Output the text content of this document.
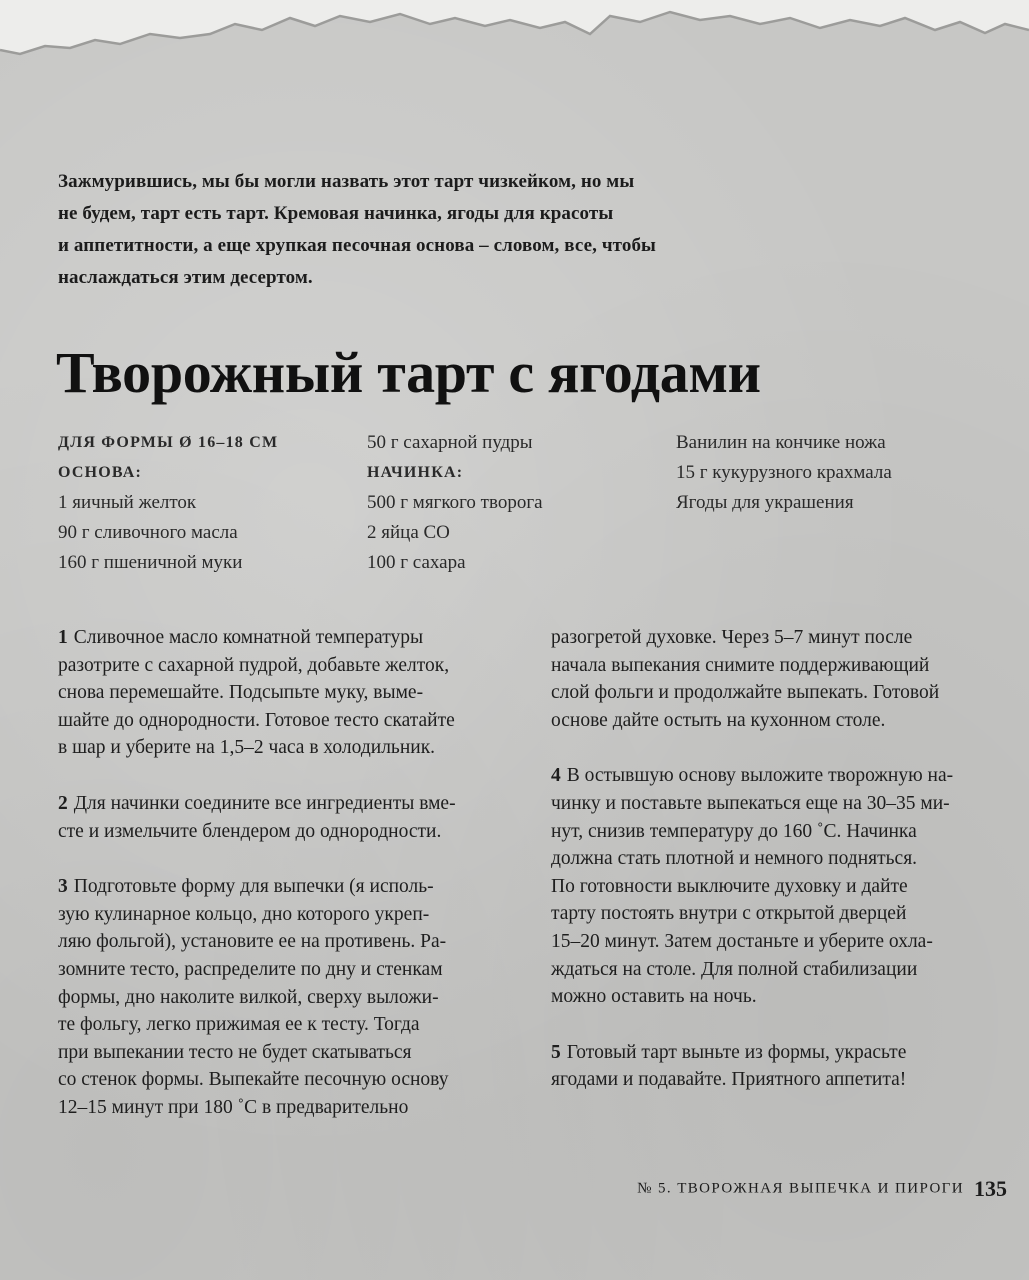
Зажмурившись, мы бы могли назвать этот тарт чизкейком, но мы

не будем, тарт есть тарт. Кремовая начинка, ягоды для красоты

и аппетитности, а еще хрупкая песочная основа – словом, все, чтобы

наслаждаться этим десертом.

Творожный тарт с ягодами
ДЛЯ ФОРМЫ Ø 16–18 СМ
ОСНОВА:
1 яичный желток
90 г сливочного масла
160 г пшеничной муки
50 г сахарной пудры
НАЧИНКА:
500 г мягкого творога
2 яйца СО
100 г сахара
Ванилин на кончике ножа
15 г кукурузного крахмала
Ягоды для украшения

1 Сливочное масло комнатной температуры
разотрите с сахарной пудрой, добавьте желток,
снова перемешайте. Подсыпьте муку, выме-
шайте до однородности. Готовое тесто скатайте
в шар и уберите на 1,5–2 часа в холодильник.

2 Для начинки соедините все ингредиенты вме-
сте и измельчите блендером до однородности.

3 Подготовьте форму для выпечки (я исполь-
зую кулинарное кольцо, дно которого укреп-
ляю фольгой), установите ее на противень. Ра-
зомните тесто, распределите по дну и стенкам
формы, дно наколите вилкой, сверху выложи-
те фольгу, легко прижимая ее к тесту. Тогда
при выпекании тесто не будет скатываться
со стенок формы. Выпекайте песочную основу
12–15 минут при 180 ˚С в предварительно

разогретой духовке. Через 5–7 минут после
начала выпекания снимите поддерживающий
слой фольги и продолжайте выпекать. Готовой
основе дайте остыть на кухонном столе.

4 В остывшую основу выложите творожную на-
чинку и поставьте выпекаться еще на 30–35 ми-
нут, снизив температуру до 160 ˚С. Начинка
должна стать плотной и немного подняться.
По готовности выключите духовку и дайте
тарту постоять внутри с открытой дверцей
15–20 минут. Затем достаньте и уберите охла-
ждаться на столе. Для полной стабилизации
можно оставить на ночь.

5 Готовый тарт выньте из формы, украсьте
ягодами и подавайте. Приятного аппетита!

№ 5. ТВОРОЖНАЯ ВЫПЕЧКА И ПИРОГИ 135
